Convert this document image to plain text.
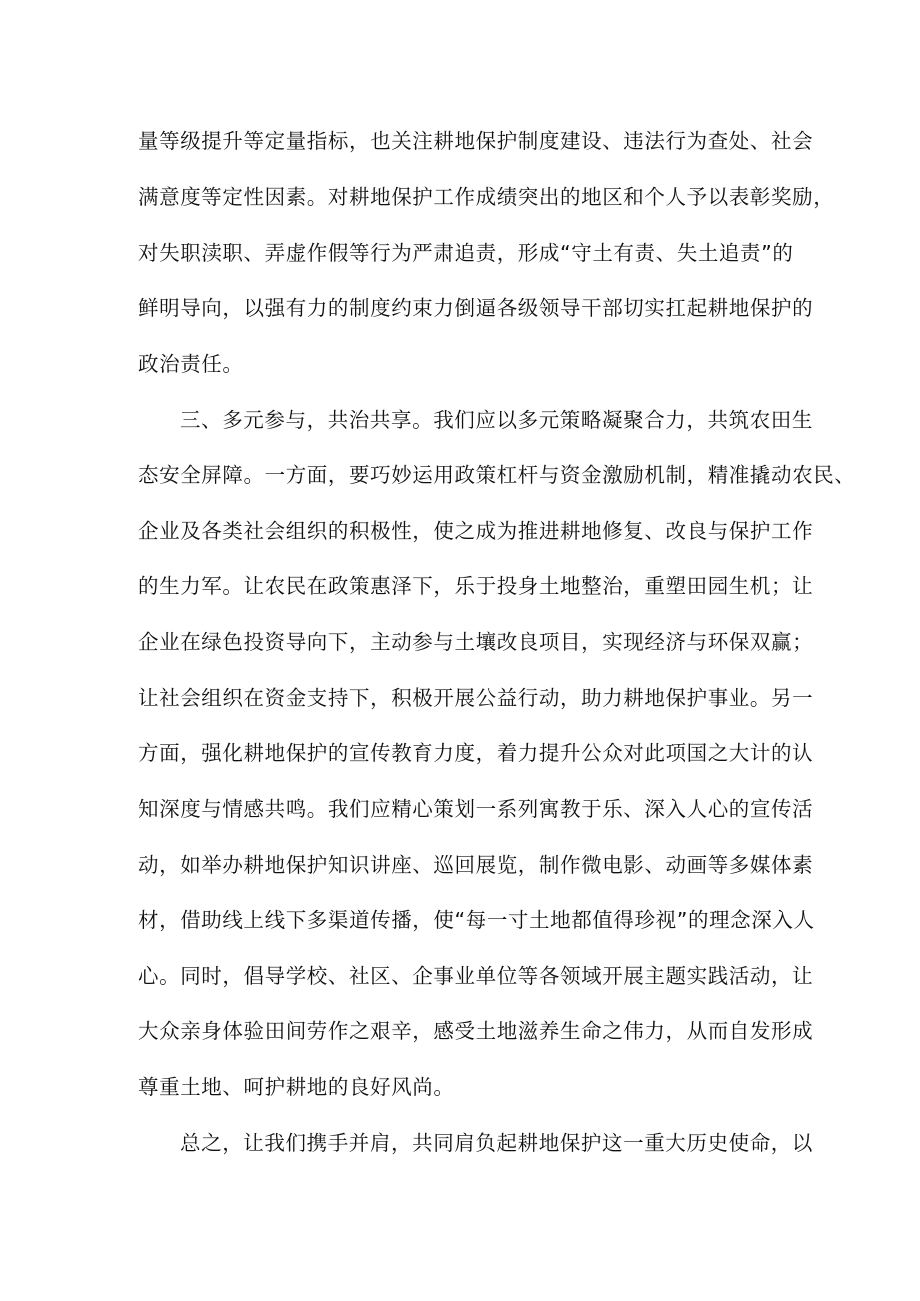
量等级提升等定量指标，也关注耕地保护制度建设、违法行为查处、社会
满意度等定性因素。对耕地保护工作成绩突出的地区和个人予以表彰奖励，
对失职渎职、弄虚作假等行为严肃追责，形成“守土有责、失土追责”的
鲜明导向，以强有力的制度约束力倒逼各级领导干部切实扛起耕地保护的
政治责任。
三、多元参与，共治共享。我们应以多元策略凝聚合力，共筑农田生
态安全屏障。一方面，要巧妙运用政策杠杆与资金激励机制，精准撬动农民、
企业及各类社会组织的积极性，使之成为推进耕地修复、改良与保护工作
的生力军。让农民在政策惠泽下，乐于投身土地整治，重塑田园生机；让
企业在绿色投资导向下，主动参与土壤改良项目，实现经济与环保双赢；
让社会组织在资金支持下，积极开展公益行动，助力耕地保护事业。另一
方面，强化耕地保护的宣传教育力度，着力提升公众对此项国之大计的认
知深度与情感共鸣。我们应精心策划一系列寓教于乐、深入人心的宣传活
动，如举办耕地保护知识讲座、巡回展览，制作微电影、动画等多媒体素
材，借助线上线下多渠道传播，使“每一寸土地都值得珍视”的理念深入人
心。同时，倡导学校、社区、企事业单位等各领域开展主题实践活动，让
大众亲身体验田间劳作之艰辛，感受土地滋养生命之伟力，从而自发形成
尊重土地、呵护耕地的良好风尚。
总之，让我们携手并肩，共同肩负起耕地保护这一重大历史使命，以
